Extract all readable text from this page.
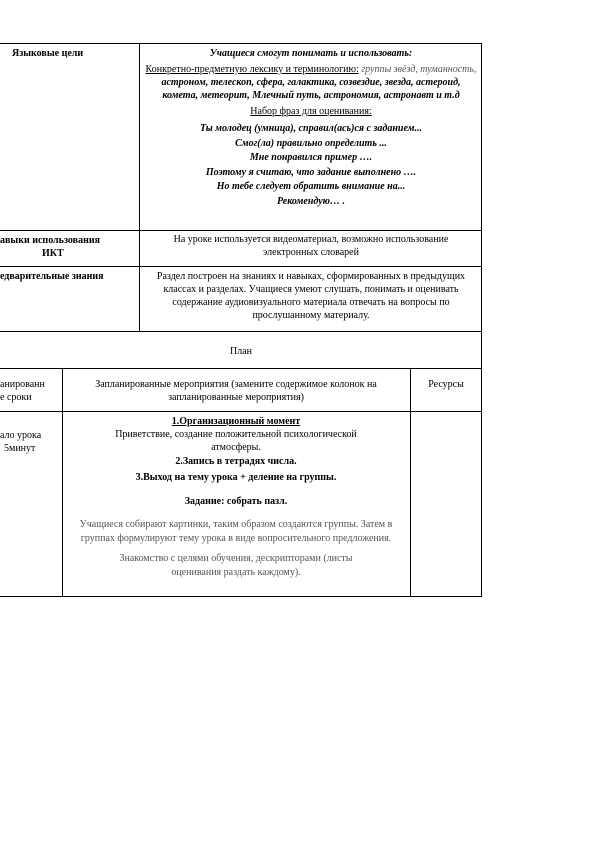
Языковые цели	Учащиеся смогут понимать и использовать:

Конкретно-предметную лексику и терминологию: группы звёзд, туманность, астроном, телескоп, сфера, галактика, созвездие, звезда, астероид, комета, метеорит, Млечный путь, астрономия, астронавт и т.д

Набор фраз для оценивания:

Ты молодец (умница), справил(ась)ся с заданием...

Смог(ла) правильно определить ...

Мне понравился пример ….

Поэтому я считаю, что задание выполнено ….

Но тебе следует обратить внимание на...

Рекомендую… .

авыки использования

ИКТ

На уроке используется видеоматериал, возможно использование электронных словарей
едварительные знания	Раздел построен на знаниях и навыках, сформированных в предыдущих классах и разделах. Учащиеся умеют слушать, понимать и оценивать содержание аудиовизуального материала отвечать на вопросы по прослушанному материалу.
План

анированн

е сроки

Запланированные мероприятия (замените содержимое колонок на запланированные мероприятия)
Ресурсы

ало урока

5минут

1.Организационный момент

Приветствие, создание положительной психологической атмосферы.

2.Запись в тетрадях числа.

3.Выход на тему урока + деление на группы.

Задание: собрать пазл.

Учащиеся собирают картинки, таким образом создаются группы. Затем в группах формулируют тему урока в виде вопросительного предложения.

Знакомство с целями обучения, дескрипторами (листы оценивания раздать каждому).
